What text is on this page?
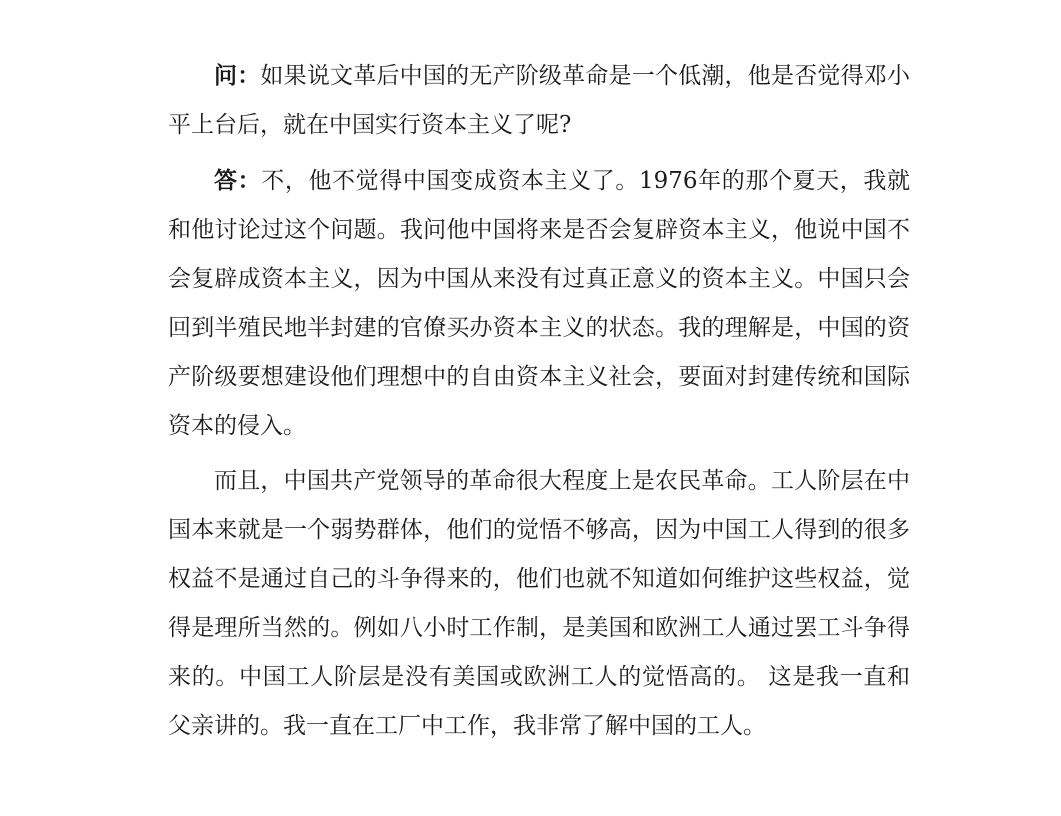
问：如果说文革后中国的无产阶级革命是一个低潮，他是否觉得邓小平上台后，就在中国实行资本主义了呢?

答：不，他不觉得中国变成资本主义了。1976年的那个夏天，我就和他讨论过这个问题。我问他中国将来是否会复辟资本主义，他说中国不会复辟成资本主义，因为中国从来没有过真正意义的资本主义。中国只会回到半殖民地半封建的官僚买办资本主义的状态。我的理解是，中国的资产阶级要想建设他们理想中的自由资本主义社会，要面对封建传统和国际资本的侵入。

而且，中国共产党领导的革命很大程度上是农民革命。工人阶层在中国本来就是一个弱势群体，他们的觉悟不够高，因为中国工人得到的很多权益不是通过自己的斗争得来的，他们也就不知道如何维护这些权益，觉得是理所当然的。例如八小时工作制，是美国和欧洲工人通过罢工斗争得来的。中国工人阶层是没有美国或欧洲工人的觉悟高的。 这是我一直和父亲讲的。我一直在工厂中工作，我非常了解中国的工人。
